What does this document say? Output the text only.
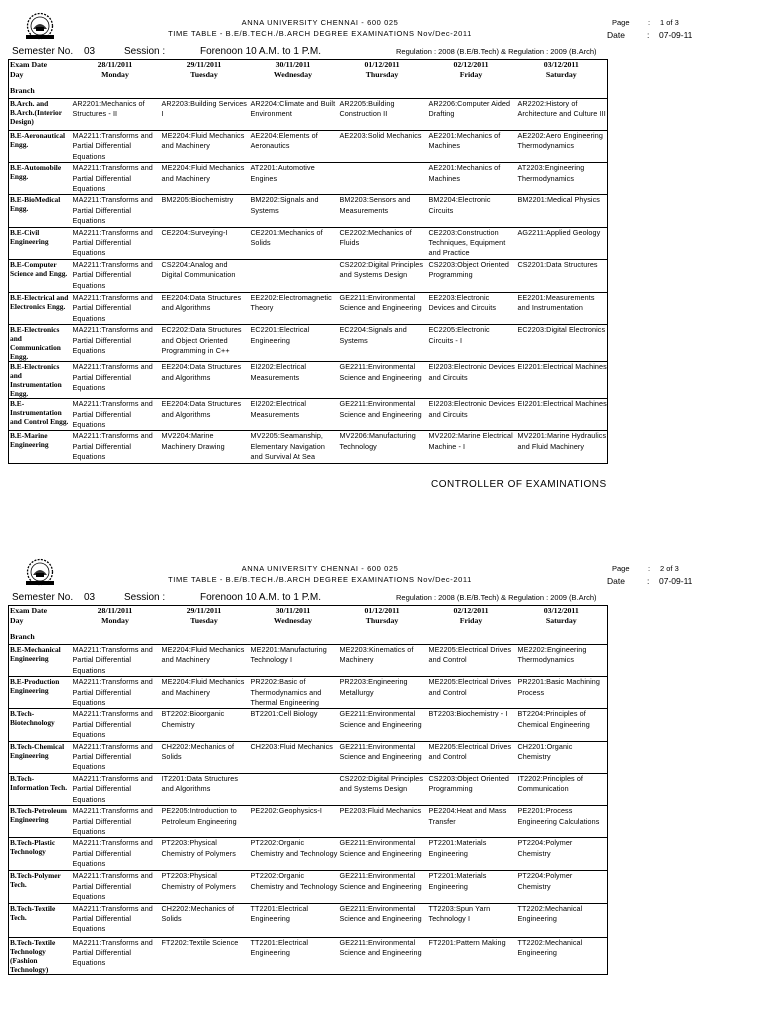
ANNA UNIVERSITY CHENNAI - 600 025
TIME TABLE - B.E/B.TECH./B.ARCH DEGREE EXAMINATIONS Nov/Dec-2011
Page : 1 of 3
Date	: 07-09-11
Semester No. 03	Session :	Forenoon 10 A.M. to 1 P.M.	Regulation : 2008 (B.E/B.Tech) & Regulation : 2009 (B.Arch)
Exam Date	28/11/2011	29/11/2011	30/11/2011	01/12/2011	02/12/2011	03/12/2011
Day	Monday	Tuesday	Wednesday	Thursday	Friday	Saturday
Branch						
B.Arch. and B.Arch.(Interior Design)	AR2201:Mechanics of Structures - II	AR2203:Building Services I	AR2204:Climate and Built Environment	AR2205:Building Construction II	AR2206:Computer Aided Drafting	AR2202:History of Architecture and Culture III
B.E-Aeronautical Engg.	MA2211:Transforms and Partial Differential Equations	ME2204:Fluid Mechanics and Machinery	AE2204:Elements of Aeronautics	AE2203:Solid Mechanics	AE2201:Mechanics of Machines	AE2202:Aero Engineering Thermodynamics
B.E-Automobile Engg.	MA2211:Transforms and Partial Differential Equations	ME2204:Fluid Mechanics and Machinery	AT2201:Automotive Engines		AE2201:Mechanics of Machines	AT2203:Engineering Thermodynamics
B.E-BioMedical Engg.	MA2211:Transforms and Partial Differential Equations	BM2205:Biochemistry	BM2202:Signals and Systems	BM2203:Sensors and Measurements	BM2204:Electronic Circuits	BM2201:Medical Physics
B.E-Civil Engineering	MA2211:Transforms and Partial Differential Equations	CE2204:Surveying-I	CE2201:Mechanics of Solids	CE2202:Mechanics of Fluids	CE2203:Construction Techniques, Equipment and Practice	AG2211:Applied Geology
B.E-Computer Science and Engg.	MA2211:Transforms and Partial Differential Equations	CS2204:Analog and Digital Communication		CS2202:Digital Principles and Systems Design	CS2203:Object Oriented Programming	CS2201:Data Structures
B.E-Electrical and Electronics Engg.	MA2211:Transforms and Partial Differential Equations	EE2204:Data Structures and Algorithms	EE2202:Electromagnetic Theory	GE2211:Environmental Science and Engineering	EE2203:Electronic Devices and Circuits	EE2201:Measurements and Instrumentation
B.E-Electronics and Communication Engg.	MA2211:Transforms and Partial Differential Equations	EC2202:Data Structures and Object Oriented Programming in C++	EC2201:Electrical Engineering	EC2204:Signals and Systems	EC2205:Electronic Circuits - I	EC2203:Digital Electronics
B.E-Electronics and Instrumentation Engg.	MA2211:Transforms and Partial Differential Equations	EE2204:Data Structures and Algorithms	EI2202:Electrical Measurements	GE2211:Environmental Science and Engineering	EI2203:Electronic Devices and Circuits	EI2201:Electrical Machines
B.E-Instrumentation and Control Engg.	MA2211:Transforms and Partial Differential Equations	EE2204:Data Structures and Algorithms	EI2202:Electrical Measurements	GE2211:Environmental Science and Engineering	EI2203:Electronic Devices and Circuits	EI2201:Electrical Machines
B.E-Marine Engineering	MA2211:Transforms and Partial Differential Equations	MV2204:Marine Machinery Drawing	MV2205:Seamanship, Elementary Navigation and Survival At Sea	MV2206:Manufacturing Technology	MV2202:Marine Electrical Machine - I	MV2201:Marine Hydraulics and Fluid Machinery
CONTROLLER OF EXAMINATIONS
ANNA UNIVERSITY CHENNAI - 600 025
TIME TABLE - B.E/B.TECH./B.ARCH DEGREE EXAMINATIONS Nov/Dec-2011
Page : 2 of 3
Date	: 07-09-11
Semester No. 03	Session :	Forenoon 10 A.M. to 1 P.M.	Regulation : 2008 (B.E/B.Tech) & Regulation : 2009 (B.Arch)
Exam Date	28/11/2011	29/11/2011	30/11/2011	01/12/2011	02/12/2011	03/12/2011
Day	Monday	Tuesday	Wednesday	Thursday	Friday	Saturday
Branch						
B.E-Mechanical Engineering	MA2211:Transforms and Partial Differential Equations	ME2204:Fluid Mechanics and Machinery	ME2201:Manufacturing Technology I	ME2203:Kinematics of Machinery	ME2205:Electrical Drives and Control	ME2202:Engineering Thermodynamics
B.E-Production Engineering	MA2211:Transforms and Partial Differential Equations	ME2204:Fluid Mechanics and Machinery	PR2202:Basic of Thermodynamics and Thermal Engineering	PR2203:Engineering Metallurgy	ME2205:Electrical Drives and Control	PR2201:Basic Machining Process
B.Tech-Biotechnology	MA2211:Transforms and Partial Differential Equations	BT2202:Bioorganic Chemistry	BT2201:Cell Biology	GE2211:Environmental Science and Engineering	BT2203:Biochemistry - I	BT2204:Principles of Chemical Engineering
B.Tech-Chemical Engineering	MA2211:Transforms and Partial Differential Equations	CH2202:Mechanics of Solids	CH2203:Fluid Mechanics	GE2211:Environmental Science and Engineering	ME2205:Electrical Drives and Control	CH2201:Organic Chemistry
B.Tech-Information Tech.	MA2211:Transforms and Partial Differential Equations	IT2201:Data Structures and Algorithms		CS2202:Digital Principles and Systems Design	CS2203:Object Oriented Programming	IT2202:Principles of Communication
B.Tech-Petroleum Engineering	MA2211:Transforms and Partial Differential Equations	PE2205:Introduction to Petroleum Engineering	PE2202:Geophysics-I	PE2203:Fluid Mechanics	PE2204:Heat and Mass Transfer	PE2201:Process Engineering Calculations
B.Tech-Plastic Technology	MA2211:Transforms and Partial Differential Equations	PT2203:Physical Chemistry of Polymers	PT2202:Organic Chemistry and Technology	GE2211:Environmental Science and Engineering	PT2201:Materials Engineering	PT2204:Polymer Chemistry
B.Tech-Polymer Tech.	MA2211:Transforms and Partial Differential Equations	PT2203:Physical Chemistry of Polymers	PT2202:Organic Chemistry and Technology	GE2211:Environmental Science and Engineering	PT2201:Materials Engineering	PT2204:Polymer Chemistry
B.Tech-Textile Tech.	MA2211:Transforms and Partial Differential Equations	CH2202:Mechanics of Solids	TT2201:Electrical Engineering	GE2211:Environmental Science and Engineering	TT2203:Spun Yarn Technology I	TT2202:Mechanical Engineering
B.Tech-Textile Technology (Fashion Technology)	MA2211:Transforms and Partial Differential Equations	FT2202:Textile Science	TT2201:Electrical Engineering	GE2211:Environmental Science and Engineering	FT2201:Pattern Making	TT2202:Mechanical Engineering
